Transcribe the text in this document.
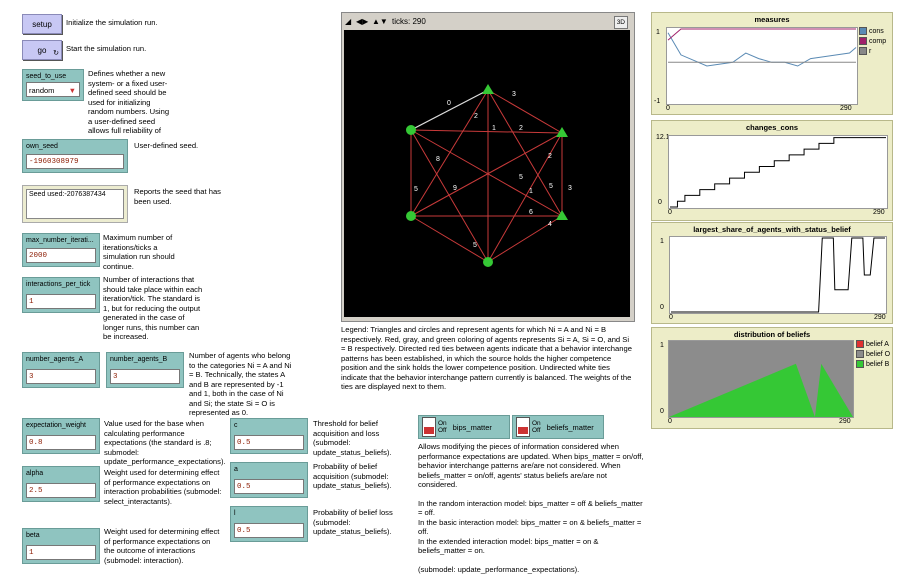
setup Initialize the simulation run.
go ↻
Start the simulation run.
seed_to_use
random ▼
Defines whether a new system- or a fixed user-defined seed should be used for initializing random numbers. Using a user-defined seed allows full reliability of
own_seed
-1960308979
User-defined seed.
Seed used:-2076387434	Reports the seed that has been used.
max_number_iterati...
2000
Maximum number of iterations/ticks a simulation run should continue.
interactions_per_tick
1
Number of interactions that should take place within each iteration/tick. The standard is 1, but for reducing the output generated in the case of longer runs, this number can be increased.
number_agents_A
3
number_agents_B
3
Number of agents who belong to the categories Ni = A and Ni = B. Technically, the states A and B are represented by -1 and 1, both in the case of Ni and Si; the state Si = O is represented as 0.
expectation_weight
0.8
Value used for the base when calculating performance expectations (the standard is .8; submodel: update_performance_expectations).
alpha
2.5
Weight used for determining effect of performance expectations on interaction probabilities (submodel: select_interactants).
beta
1
Weight used for determining effect of performance expectations on the outcome of interactions (submodel: interaction).
c
0.5
Threshold for belief acquisition and loss (submodel: update_status_beliefs).
a
0.5
Probability of belief acquisition (submodel: update_status_beliefs).
l
0.5
Probability of belief loss (submodel: update_status_beliefs).
On
Off bips_matter	On
Off beliefs_matter
Allows modifying the pieces of information considered when performance expectations are updated. When bips_matter = on/off, behavior interchange patterns are/are not considered. When beliefs_matter = on/off, agents' status beliefs are/are not considered.
In the random interaction model: bips_matter = off & beliefs_matter = off.
In the basic interaction model: bips_matter = on & beliefs_matter = off.
In the extended interaction model: bips_matter = on & beliefs_matter = on.
(submodel: update_performance_expectations).
◢ ◀▶ ▲▼ ticks: 290	3D
0
3
2
1	2
2
8
9
5
5
1
6
5
4
5
3
Legend: Triangles and circles and represent agents for which Ni = A and Ni = B respectively. Red, gray, and green coloring of agents represents Si = A, Si = O, and Si = B respectively. Directed red ties between agents indicate that a behavior interchange patterns has been established, in which the source holds the higher competence position and the sink holds the lower competence position. Undirected white ties indicate that the behavior interchange pattern currently is balanced. The weights of the ties are displayed next to them.
measures
1
-1
0	290
cons
comp
r
changes_cons
12.1
0
0	290
largest_share_of_agents_with_status_belief
1
0
0	290
distribution of beliefs
1
0
0	290
belief A
belief O
belief B
